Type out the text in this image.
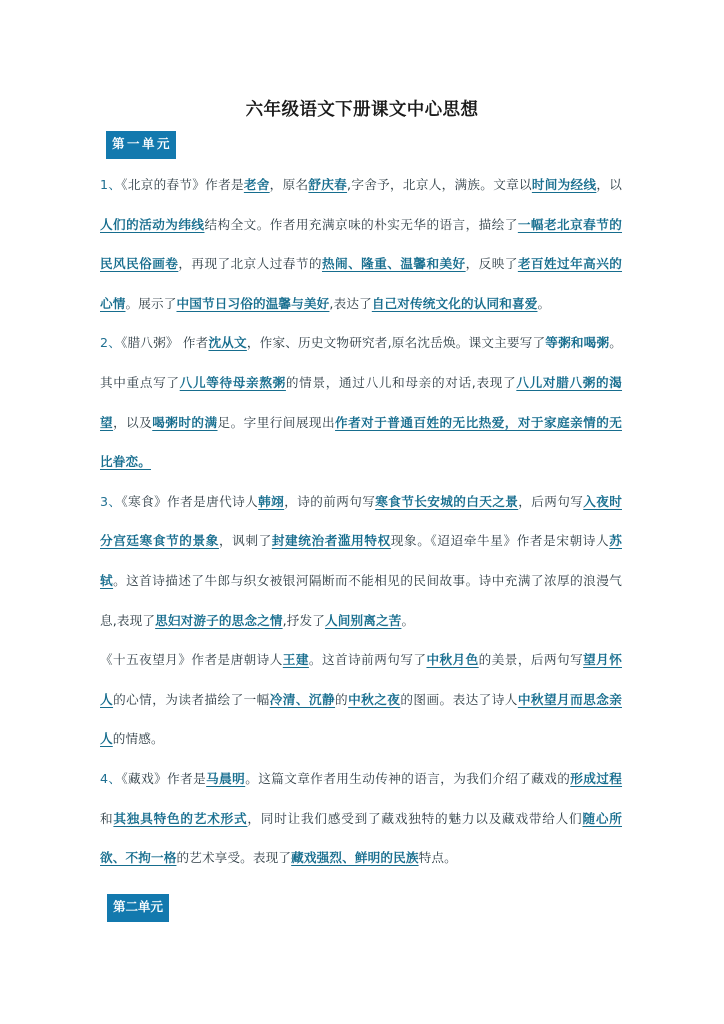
六年级语文下册课文中心思想
第一单元

1、《北京的春节》作者是老舍，原名舒庆春,字舍予，北京人，满族。文章以时间为经线，以人们的活动为纬线结构全文。作者用充满京味的朴实无华的语言，描绘了一幅老北京春节的民风民俗画卷，再现了北京人过春节的热闹、隆重、温馨和美好，反映了老百姓过年高兴的心情。展示了中国节日习俗的温馨与美好,表达了自己对传统文化的认同和喜爱。

2、《腊八粥》 作者沈从文，作家、历史文物研究者,原名沈岳焕。课文主要写了等粥和喝粥。其中重点写了八儿等待母亲熬粥的情景，通过八儿和母亲的对话,表现了八儿对腊八粥的渴望，以及喝粥时的满足。字里行间展现出作者对于普通百姓的无比热爱，对于家庭亲情的无比眷恋。

3、《寒食》作者是唐代诗人韩翊，诗的前两句写寒食节长安城的白天之景，后两句写入夜时分宫廷寒食节的景象，讽刺了封建统治者滥用特权现象。《迢迢牵牛星》作者是宋朝诗人苏轼。这首诗描述了牛郎与织女被银河隔断而不能相见的民间故事。诗中充满了浓厚的浪漫气息,表现了思妇对游子的思念之情,抒发了人间别离之苦。

《十五夜望月》作者是唐朝诗人王建。这首诗前两句写了中秋月色的美景，后两句写望月怀人的心情，为读者描绘了一幅冷清、沉静的中秋之夜的图画。表达了诗人中秋望月而思念亲人的情感。

4、《藏戏》作者是马晨明。这篇文章作者用生动传神的语言，为我们介绍了藏戏的形成过程和其独具特色的艺术形式，同时让我们感受到了藏戏独特的魅力以及藏戏带给人们随心所欲、不拘一格的艺术享受。表现了藏戏强烈、鲜明的民族特点。

第二单元
